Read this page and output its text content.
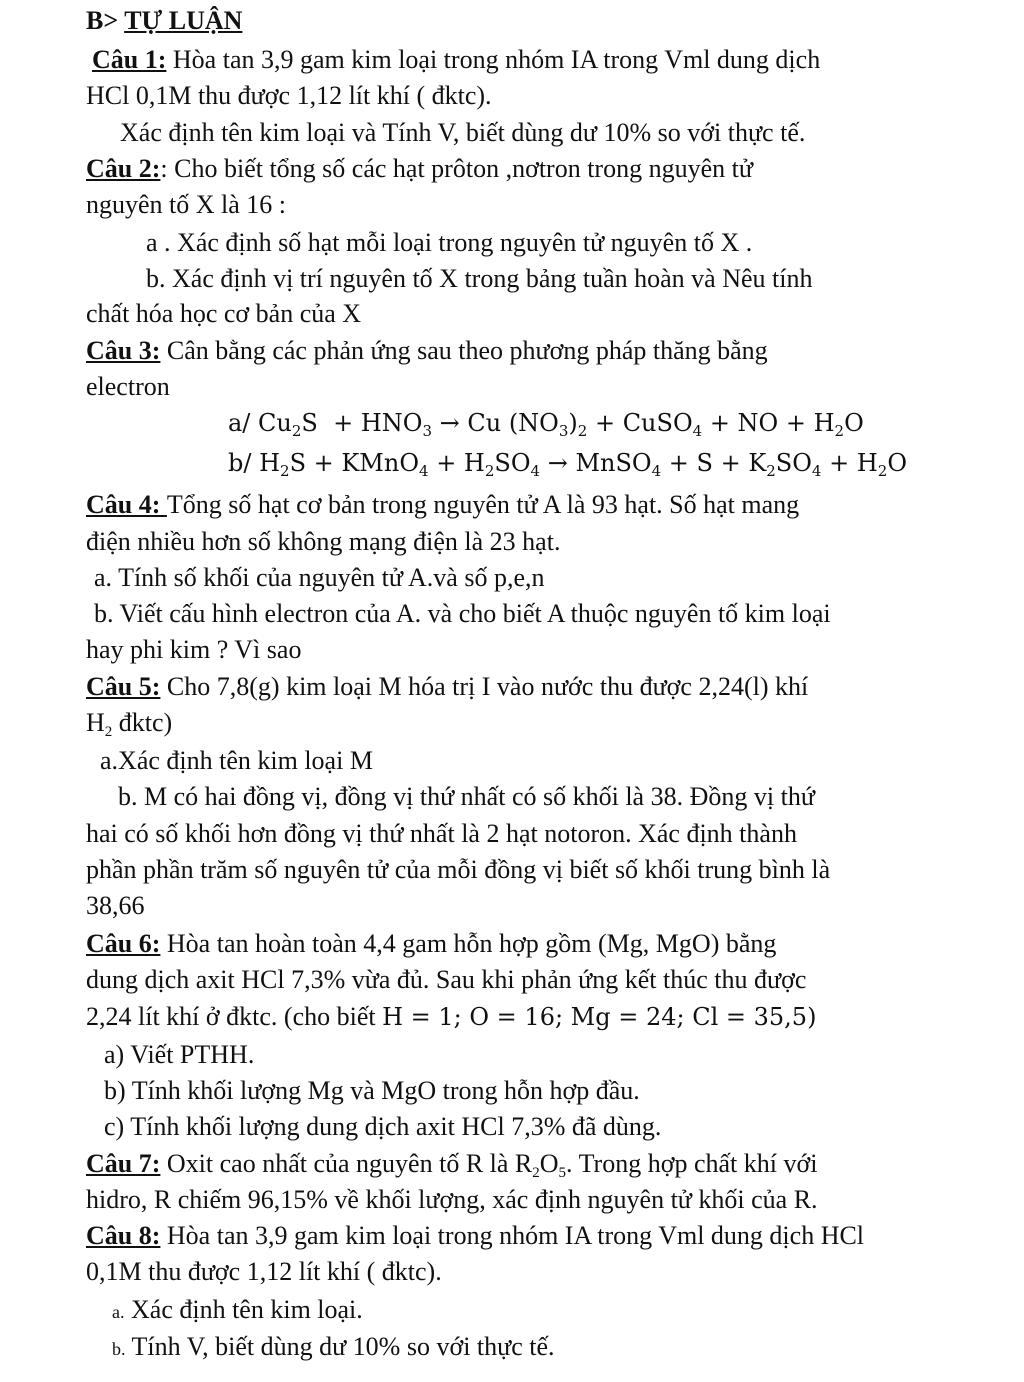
B> TỰ LUẬN
Câu 1: Hòa tan 3,9 gam kim loại trong nhóm IA trong Vml dung dịch
HCl 0,1M thu được 1,12 lít khí ( đktc).
Xác định tên kim loại và Tính V, biết dùng dư 10% so với thực tế.
Câu 2:: Cho biết tổng số các hạt prôton ,nơtron trong nguyên tử
nguyên tố X là 16 :
a . Xác định số hạt mỗi loại trong nguyên tử nguyên tố X .
b. Xác định vị trí nguyên tố X trong bảng tuần hoàn và Nêu tính
chất hóa học cơ bản của X
Câu 3: Cân bằng các phản ứng sau theo phương pháp thăng bằng
electron
a/ $Cu_2S + HNO_3 \to Cu$ $(NO_3)_2$ + CuSO$_4$ + NO + $H_2O$
b/ $H_2S$ + KMnO$_4$ + $H_2SO_4$ → MnSO$_4$ + $S + K_2SO_4 + H_2O$
Câu 4: Tổng số hạt cơ bản trong nguyên tử A là 93 hạt. Số hạt mang
điện nhiều hơn số không mạng điện là 23 hạt.
a. Tính số khối của nguyên tử A.và số p,e,n
b. Viết cấu hình electron của A. và cho biết A thuộc nguyên tố kim loại
hay phi kim ? Vì sao
Câu 5: Cho 7,8(g) kim loại M hóa trị I vào nước thu được 2,24(l) khí
$H_2$ đktc)
a.Xác định tên kim loại M
b. M có hai đồng vị, đồng vị thứ nhất có số khối là 38. Đồng vị thứ
hai có số khối hơn đồng vị thứ nhất là 2 hạt notoron. Xác định thành
phần phần trăm số nguyên tử của mỗi đồng vị biết số khối trung bình là
38,66
Câu 6: Hòa tan hoàn toàn 4,4 gam hỗn hợp gồm (Mg, MgO) bằng
dung dịch axit HCl 7,3% vừa đủ. Sau khi phản ứng kết thúc thu được
2,24 lít khí ở đktc. (cho biết H = 1; O = 16; Mg = 24; Cl = 35,5)
a) Viết PTHH.
b) Tính khối lượng Mg và MgO trong hỗn hợp đầu.
c) Tính khối lượng dung dịch axit HCl 7,3% đã dùng.
Câu 7: Oxit cao nhất của nguyên tố R là $R_2O_5$. Trong hợp chất khí với
hidro, R chiếm 96,15% về khối lượng, xác định nguyên tử khối của R.
Câu 8: Hòa tan 3,9 gam kim loại trong nhóm IA trong Vml dung dịch HCl
0,1M thu được 1,12 lít khí ( đktc).
a. Xác định tên kim loại.
b. Tính V, biết dùng dư 10% so với thực tế.
